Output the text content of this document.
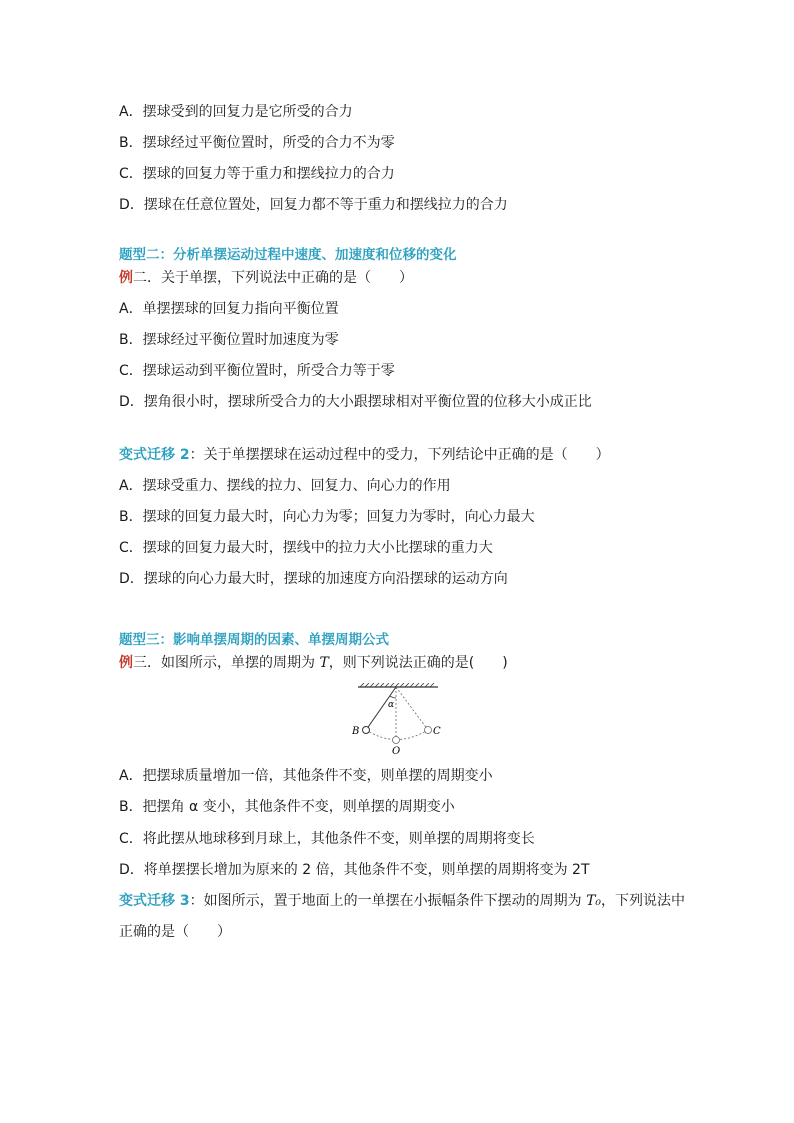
A．摆球受到的回复力是它所受的合力
B．摆球经过平衡位置时，所受的合力不为零
C．摆球的回复力等于重力和摆线拉力的合力
D．摆球在任意位置处，回复力都不等于重力和摆线拉力的合力
题型二：分析单摆运动过程中速度、加速度和位移的变化
例二．关于单摆，下列说法中正确的是（　　）
A．单摆摆球的回复力指向平衡位置
B．摆球经过平衡位置时加速度为零
C．摆球运动到平衡位置时，所受合力等于零
D．摆角很小时，摆球所受合力的大小跟摆球相对平衡位置的位移大小成正比
变式迁移 2：关于单摆摆球在运动过程中的受力，下列结论中正确的是（　　）
A．摆球受重力、摆线的拉力、回复力、向心力的作用
B．摆球的回复力最大时，向心力为零；回复力为零时，向心力最大
C．摆球的回复力最大时，摆线中的拉力大小比摆球的重力大
D．摆球的向心力最大时，摆球的加速度方向沿摆球的运动方向
题型三：影响单摆周期的因素、单摆周期公式
例三．如图所示，单摆的周期为 T，则下列说法正确的是(　　)
B	C
O
α
A．把摆球质量增加一倍，其他条件不变，则单摆的周期变小
B．把摆角 α 变小，其他条件不变，则单摆的周期变小
C．将此摆从地球移到月球上，其他条件不变，则单摆的周期将变长
D．将单摆摆长增加为原来的 2 倍，其他条件不变，则单摆的周期将变为 2T
变式迁移 3：如图所示，置于地面上的一单摆在小振幅条件下摆动的周期为 T₀，下列说法中
正确的是（　　）
